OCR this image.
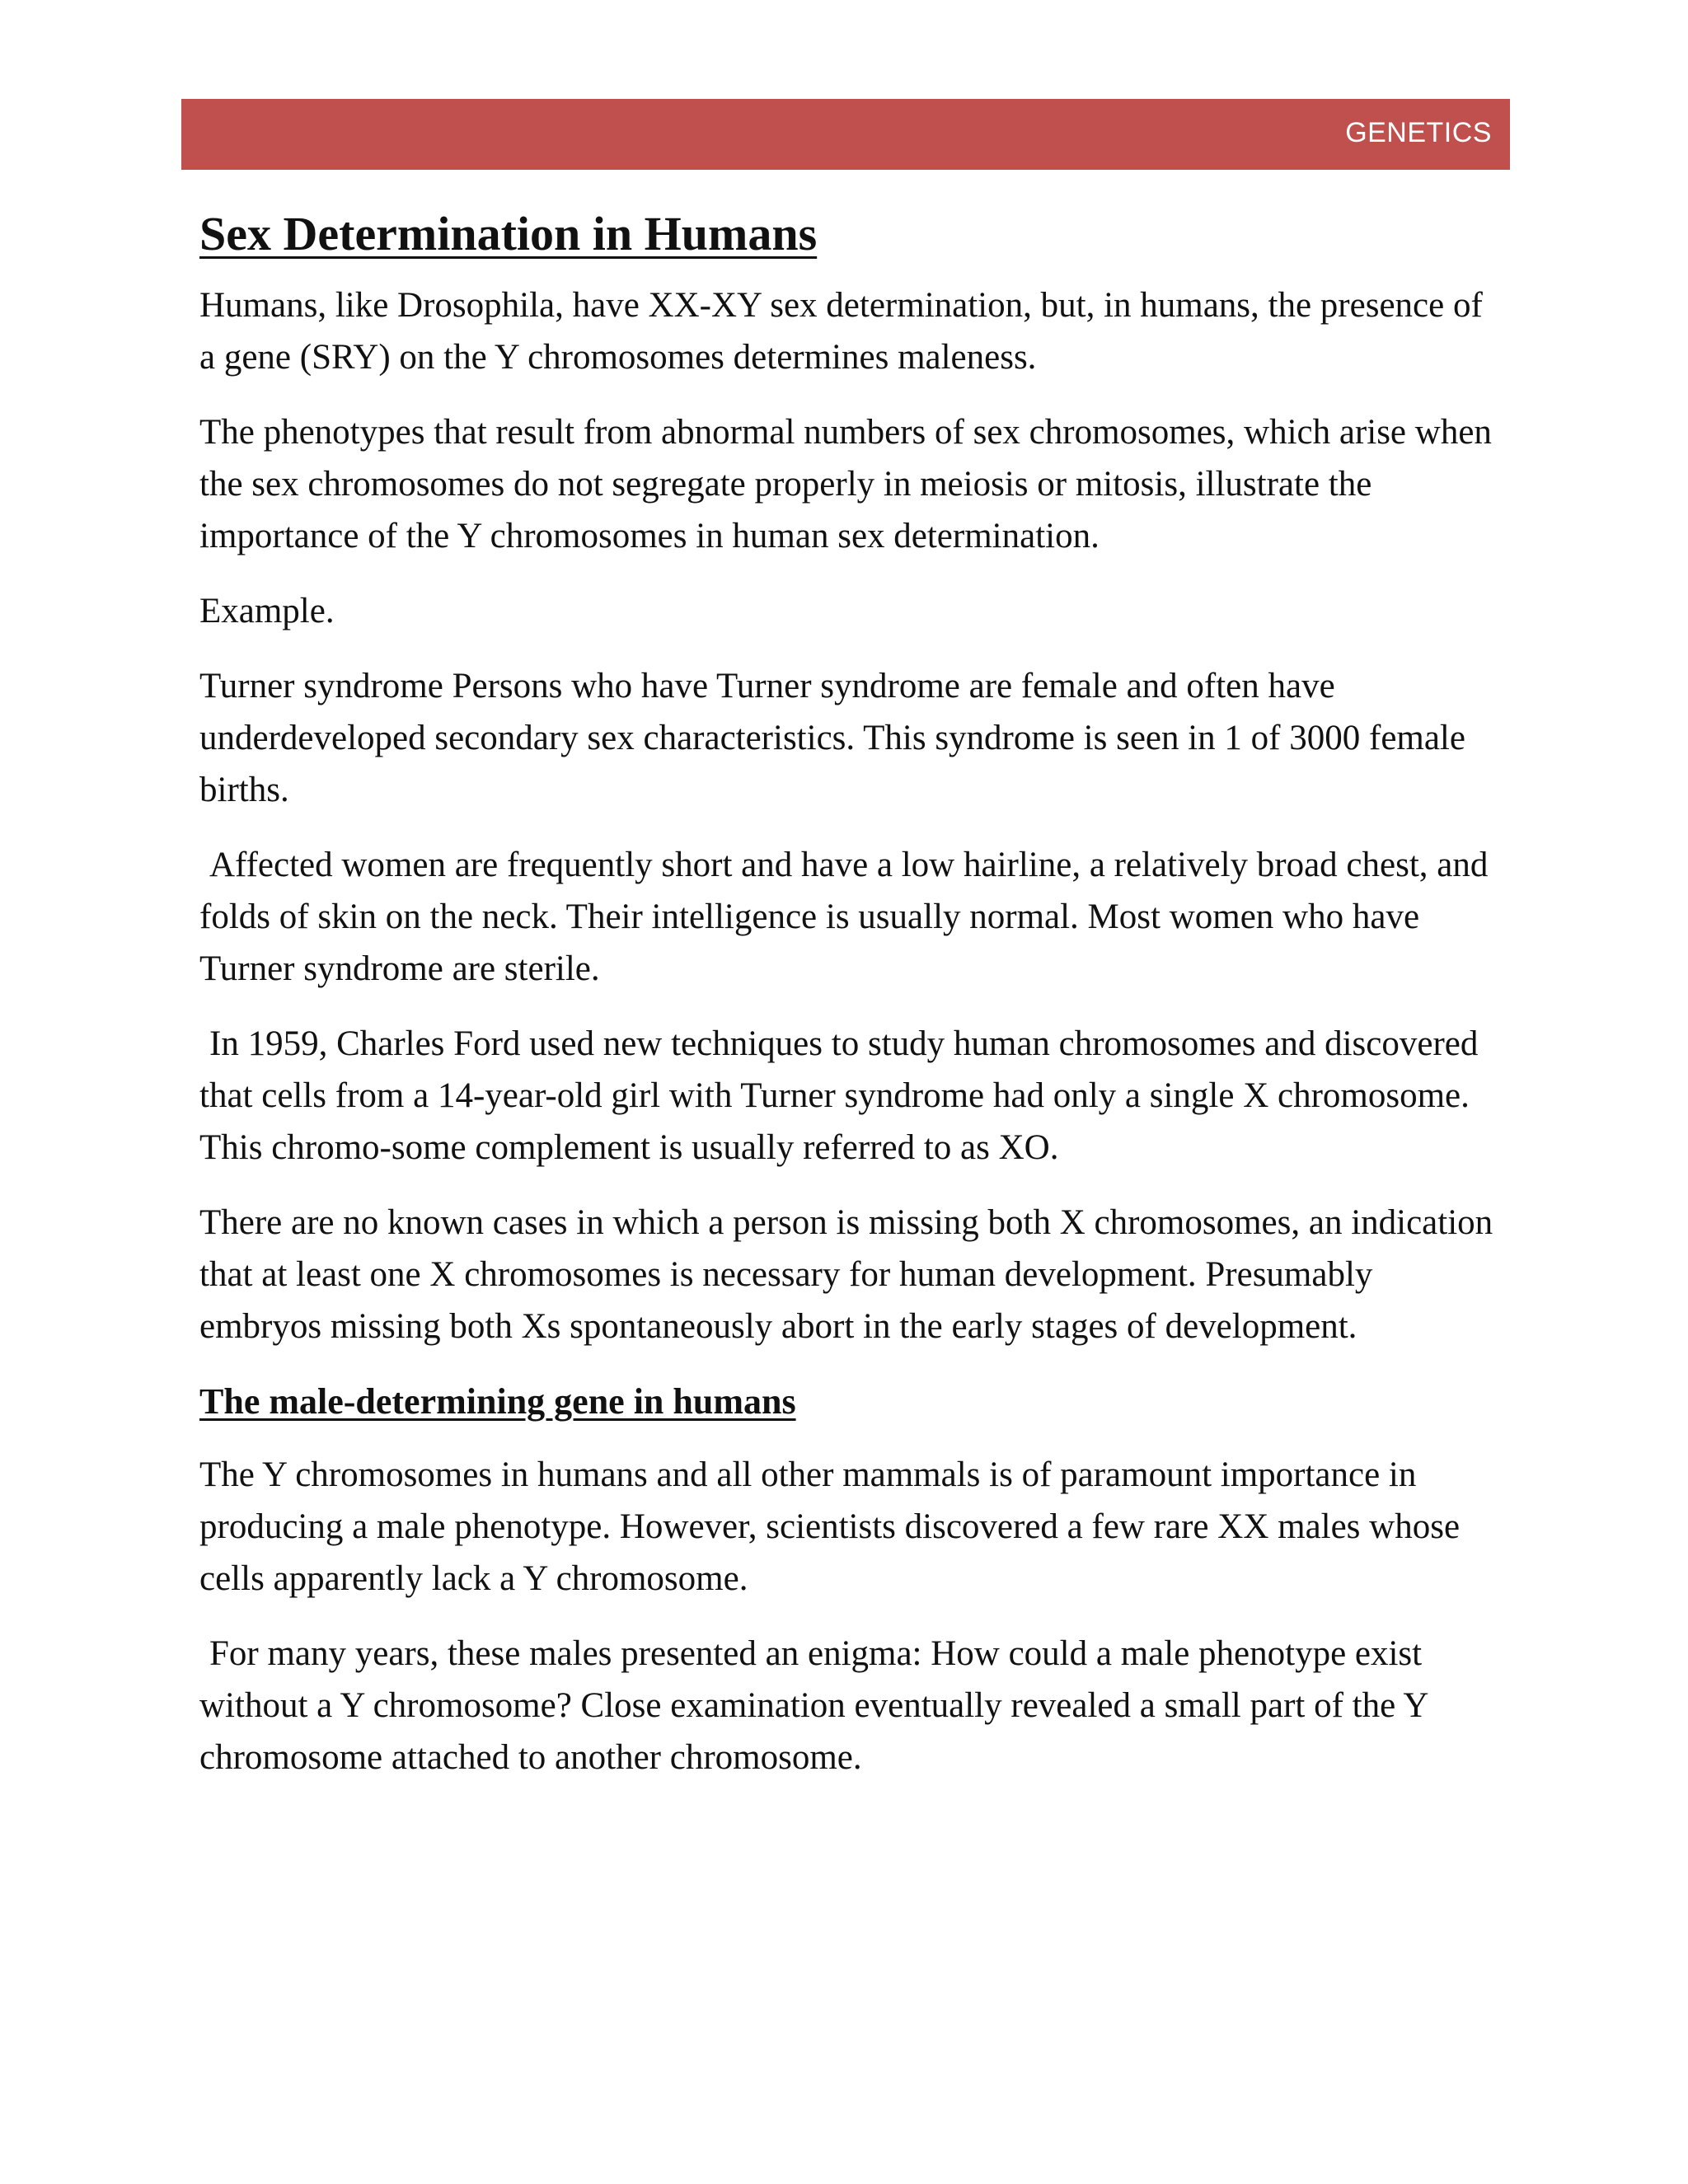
GENETICS
Sex Determination in Humans

Humans, like Drosophila, have XX-XY sex determination, but, in humans, the presence of a gene (SRY) on the Y chromosomes determines maleness.

The phenotypes that result from abnormal numbers of sex chromosomes, which arise when the sex chromosomes do not segregate properly in meiosis or mitosis, illustrate the importance of the Y chromosomes in human sex determination.

Example.

Turner syndrome Persons who have Turner syndrome are female and often have underdeveloped secondary sex characteristics. This syndrome is seen in 1 of 3000 female births.

Affected women are frequently short and have a low hairline, a relatively broad chest, and folds of skin on the neck. Their intelligence is usually normal. Most women who have Turner syndrome are sterile.

In 1959, Charles Ford used new techniques to study human chromosomes and discovered that cells from a 14-year-old girl with Turner syndrome had only a single X chromosome. This chromo-some complement is usually referred to as XO.

There are no known cases in which a person is missing both X chromosomes, an indication that at least one X chromosomes is necessary for human development. Presumably embryos missing both Xs spontaneously abort in the early stages of development.

The male-determining gene in humans

The Y chromosomes in humans and all other mammals is of paramount importance in producing a male phenotype. However, scientists discovered a few rare XX males whose cells apparently lack a Y chromosome.

For many years, these males presented an enigma: How could a male phenotype exist without a Y chromosome? Close examination eventually revealed a small part of the Y chromosome attached to another chromosome.
